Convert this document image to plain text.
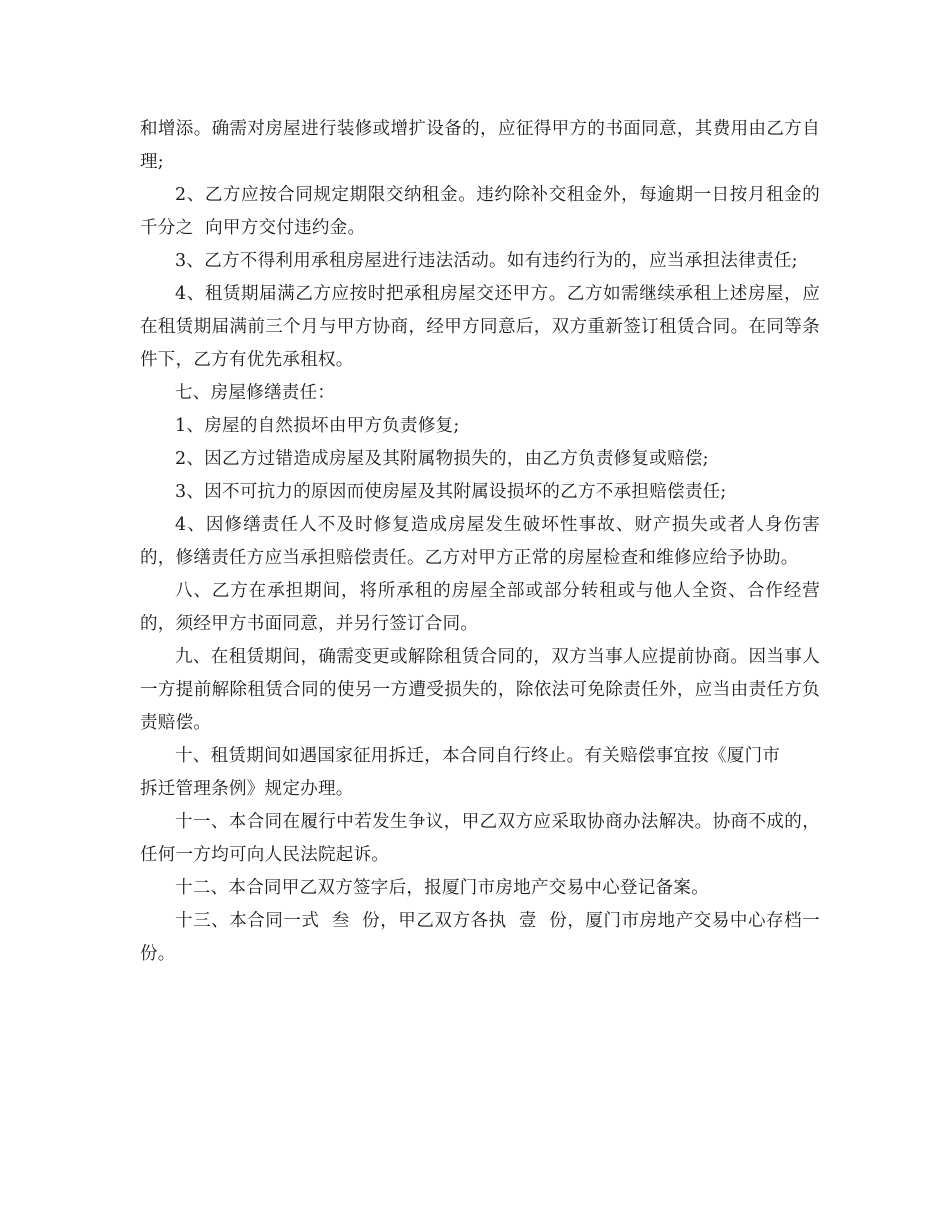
和增添。确需对房屋进行装修或增扩设备的，应征得甲方的书面同意，其费用由乙方自理;

2、乙方应按合同规定期限交纳租金。违约除补交租金外，每逾期一日按月租金的千分之  向甲方交付违约金。

3、乙方不得利用承租房屋进行违法活动。如有违约行为的，应当承担法律责任;

4、租赁期届满乙方应按时把承租房屋交还甲方。乙方如需继续承租上述房屋，应在租赁期届满前三个月与甲方协商，经甲方同意后，双方重新签订租赁合同。在同等条件下，乙方有优先承租权。

七、房屋修缮责任：

1、房屋的自然损坏由甲方负责修复;

2、因乙方过错造成房屋及其附属物损失的，由乙方负责修复或赔偿;

3、因不可抗力的原因而使房屋及其附属设损坏的乙方不承担赔偿责任;

4、因修缮责任人不及时修复造成房屋发生破坏性事故、财产损失或者人身伤害的，修缮责任方应当承担赔偿责任。乙方对甲方正常的房屋检查和维修应给予协助。

八、乙方在承担期间，将所承租的房屋全部或部分转租或与他人全资、合作经营的，须经甲方书面同意，并另行签订合同。

九、在租赁期间，确需变更或解除租赁合同的，双方当事人应提前协商。因当事人一方提前解除租赁合同的使另一方遭受损失的，除依法可免除责任外，应当由责任方负责赔偿。

十、租赁期间如遇国家征用拆迁，本合同自行终止。有关赔偿事宜按《厦门市
拆迁管理条例》规定办理。

十一、本合同在履行中若发生争议，甲乙双方应采取协商办法解决。协商不成的，任何一方均可向人民法院起诉。

十二、本合同甲乙双方签字后，报厦门市房地产交易中心登记备案。

十三、本合同一式  叁  份，甲乙双方各执  壹  份，厦门市房地产交易中心存档一份。
